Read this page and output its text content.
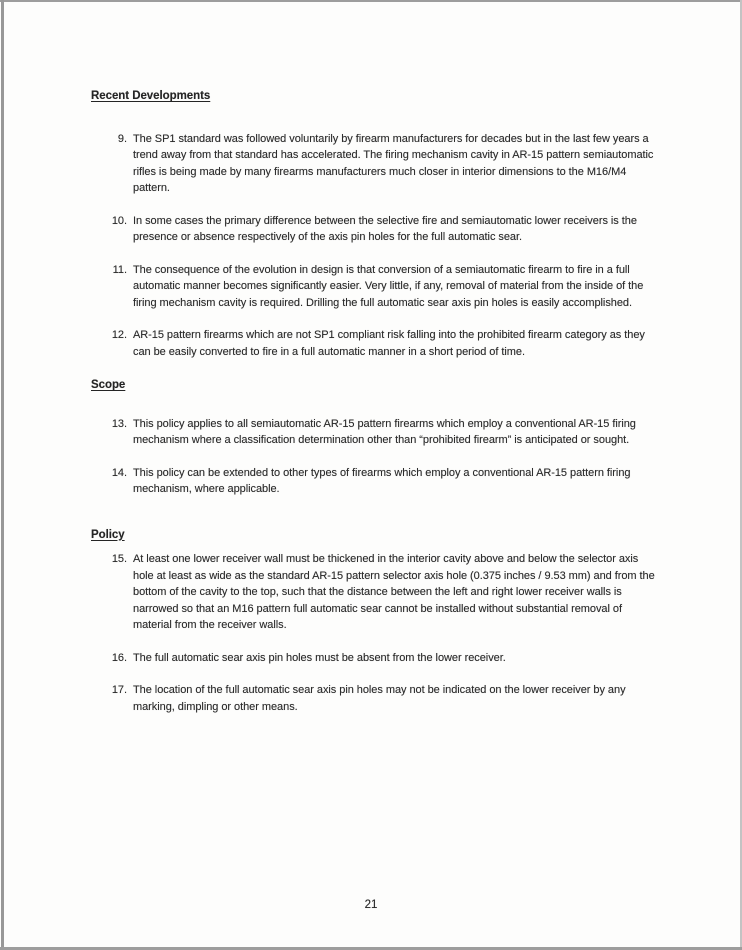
Recent Developments
9. The SP1 standard was followed voluntarily by firearm manufacturers for decades but in the last few years a trend away from that standard has accelerated. The firing mechanism cavity in AR-15 pattern semiautomatic rifles is being made by many firearms manufacturers much closer in interior dimensions to the M16/M4 pattern.
10. In some cases the primary difference between the selective fire and semiautomatic lower receivers is the presence or absence respectively of the axis pin holes for the full automatic sear.
11. The consequence of the evolution in design is that conversion of a semiautomatic firearm to fire in a full automatic manner becomes significantly easier. Very little, if any, removal of material from the inside of the firing mechanism cavity is required. Drilling the full automatic sear axis pin holes is easily accomplished.
12. AR-15 pattern firearms which are not SP1 compliant risk falling into the prohibited firearm category as they can be easily converted to fire in a full automatic manner in a short period of time.
Scope
13. This policy applies to all semiautomatic AR-15 pattern firearms which employ a conventional AR-15 firing mechanism where a classification determination other than “prohibited firearm” is anticipated or sought.
14. This policy can be extended to other types of firearms which employ a conventional AR-15 pattern firing mechanism, where applicable.
Policy
15. At least one lower receiver wall must be thickened in the interior cavity above and below the selector axis hole at least as wide as the standard AR-15 pattern selector axis hole (0.375 inches / 9.53 mm) and from the bottom of the cavity to the top, such that the distance between the left and right lower receiver walls is narrowed so that an M16 pattern full automatic sear cannot be installed without substantial removal of material from the receiver walls.
16. The full automatic sear axis pin holes must be absent from the lower receiver.
17. The location of the full automatic sear axis pin holes may not be indicated on the lower receiver by any marking, dimpling or other means.
21
